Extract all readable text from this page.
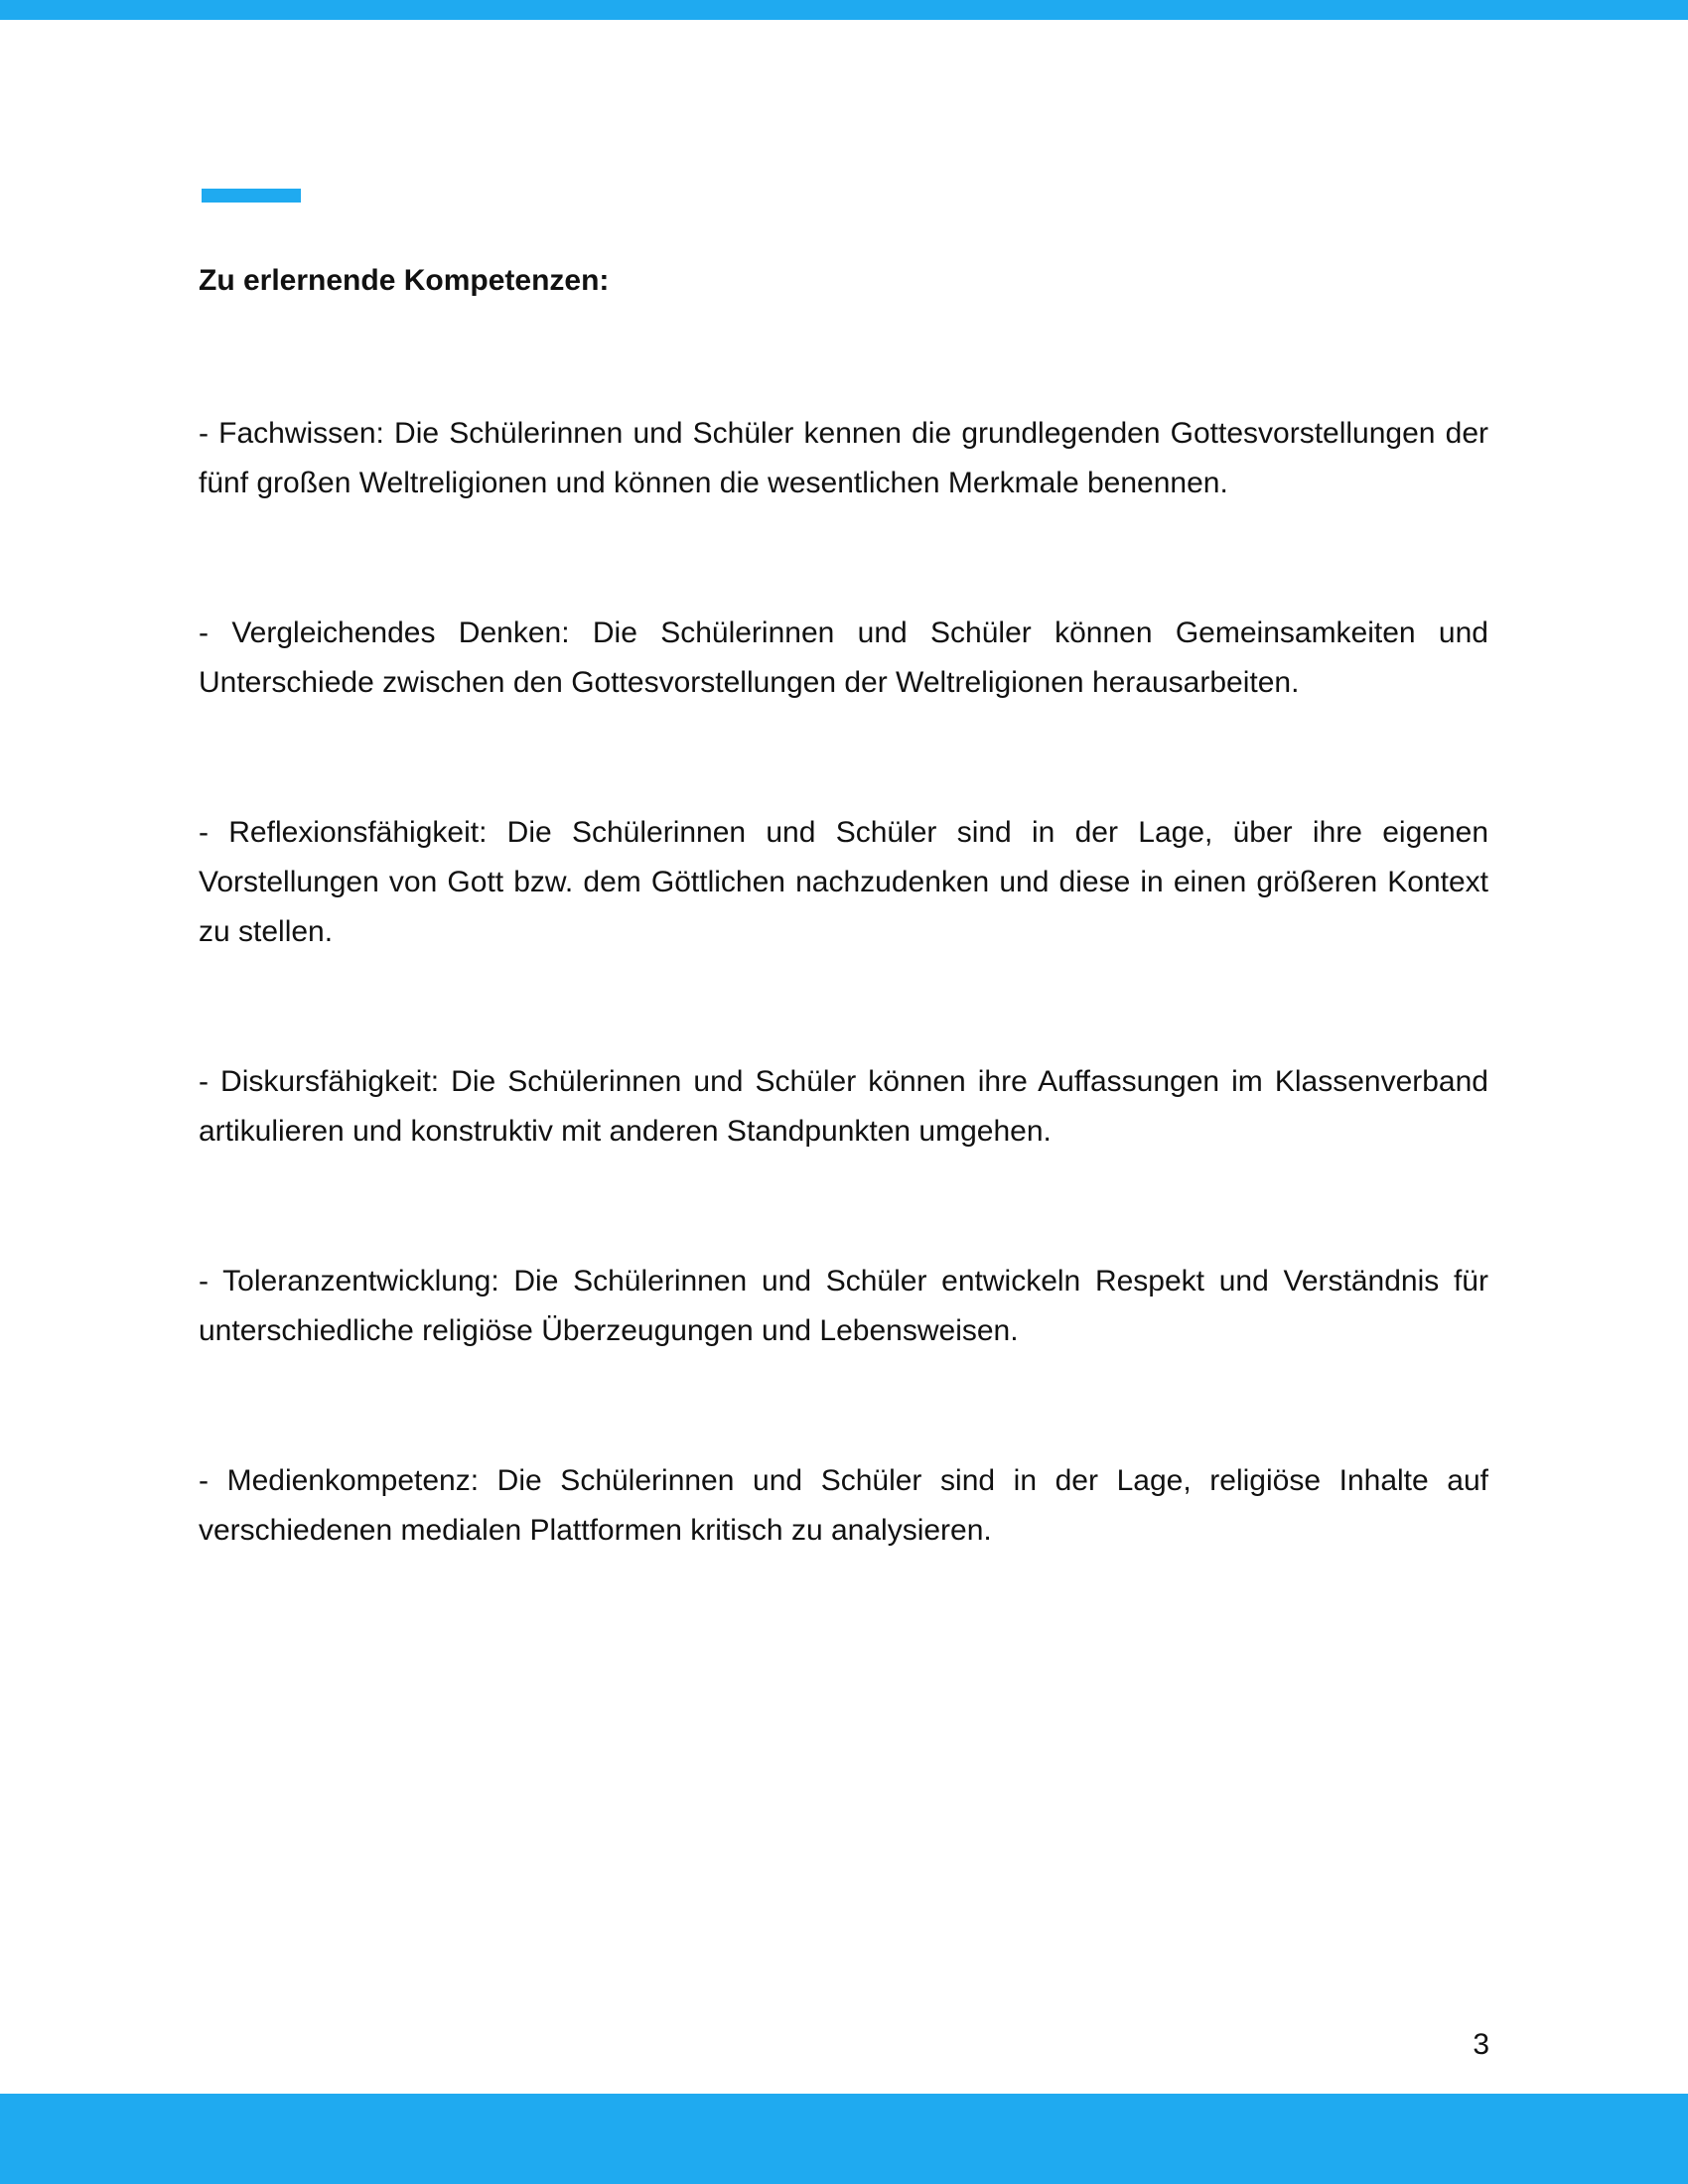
Zu erlernende Kompetenzen:

- Fachwissen: Die Schülerinnen und Schüler kennen die grundlegenden Gottesvorstellungen der fünf großen Weltreligionen und können die wesentlichen Merkmale benennen.

- Vergleichendes Denken: Die Schülerinnen und Schüler können Gemeinsamkeiten und Unterschiede zwischen den Gottesvorstellungen der Weltreligionen herausarbeiten.

- Reflexionsfähigkeit: Die Schülerinnen und Schüler sind in der Lage, über ihre eigenen Vorstellungen von Gott bzw. dem Göttlichen nachzudenken und diese in einen größeren Kontext zu stellen.

- Diskursfähigkeit: Die Schülerinnen und Schüler können ihre Auffassungen im Klassenverband artikulieren und konstruktiv mit anderen Standpunkten umgehen.

- Toleranzentwicklung: Die Schülerinnen und Schüler entwickeln Respekt und Verständnis für unterschiedliche religiöse Überzeugungen und Lebensweisen.

- Medienkompetenz: Die Schülerinnen und Schüler sind in der Lage, religiöse Inhalte auf verschiedenen medialen Plattformen kritisch zu analysieren.

3
